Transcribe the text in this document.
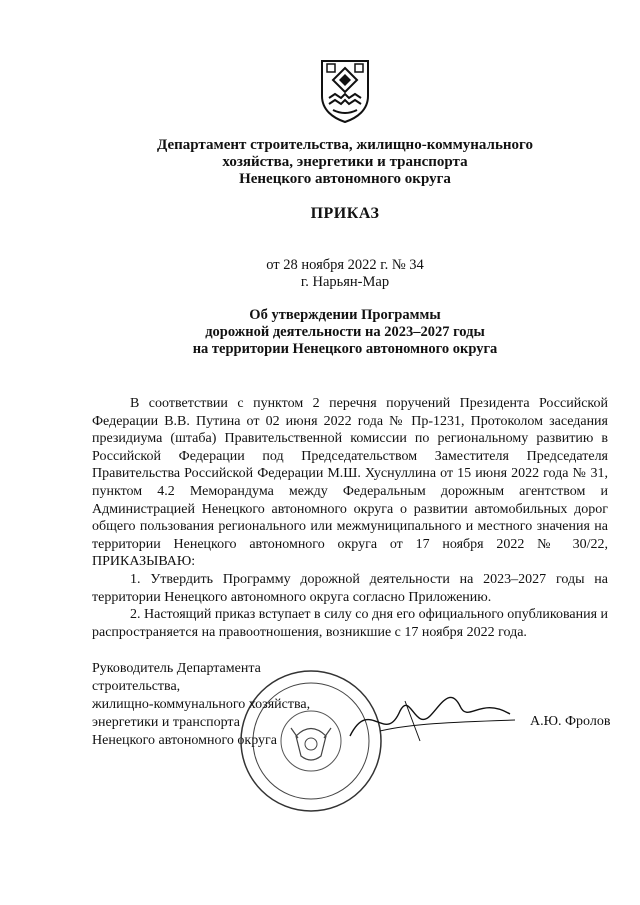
Департамент строительства, жилищно-коммунального
хозяйства, энергетики и транспорта
Ненецкого автономного округа
ПРИКАЗ
от 28 ноября 2022 г. № 34
г. Нарьян-Мар
Об утверждении Программы
дорожной деятельности на 2023–2027 годы
на территории Ненецкого автономного округа

В соответствии с пунктом 2 перечня поручений Президента Российской Федерации В.В. Путина от 02 июня 2022 года № Пр-1231, Протоколом заседания президиума (штаба) Правительственной комиссии по региональному развитию в Российской Федерации под Председательством Заместителя Председателя Правительства Российской Федерации М.Ш. Хуснуллина от 15 июня 2022 года № 31, пунктом 4.2 Меморандума между Федеральным дорожным агентством и Администрацией Ненецкого автономного округа о развитии автомобильных дорог общего пользования регионального или межмуниципального и местного значения на территории Ненецкого автономного округа от 17 ноября 2022 № 30/22, ПРИКАЗЫВАЮ:

1. Утвердить Программу дорожной деятельности на 2023–2027 годы на территории Ненецкого автономного округа согласно Приложению.

2. Настоящий приказ вступает в силу со дня его официального опубликования и распространяется на правоотношения, возникшие с 17 ноября 2022 года.

Руководитель Департамента строительства,
жилищно-коммунального хозяйства,
энергетики и транспорта
Ненецкого автономного округа
А.Ю. Фролов
